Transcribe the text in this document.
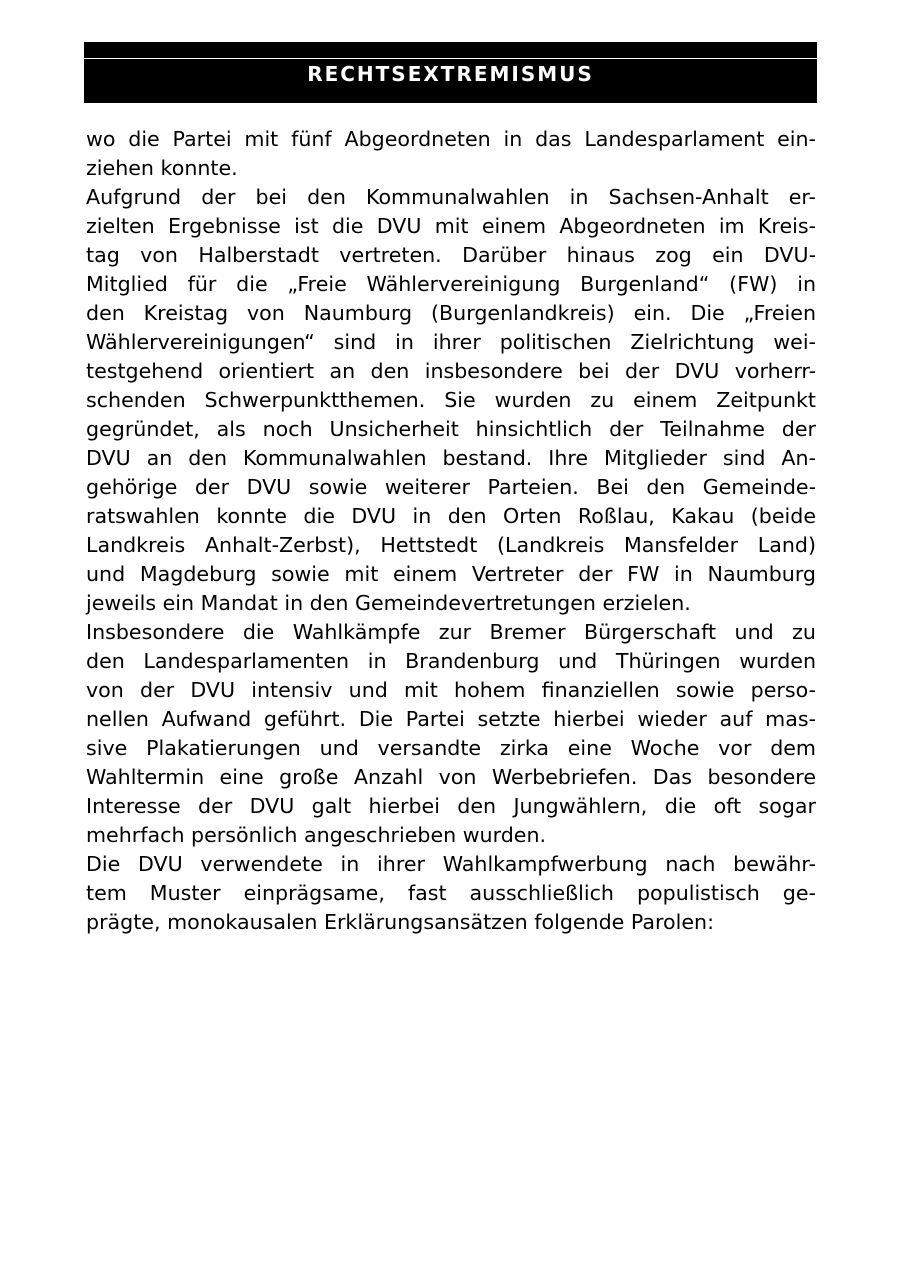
RECHTSEXTREMISMUS
wo die Partei mit fünf Abgeordneten in das Landesparlament ein-
ziehen konnte.
Aufgrund der bei den Kommunalwahlen in Sachsen-Anhalt er-
zielten Ergebnisse ist die DVU mit einem Abgeordneten im Kreis-
tag von Halberstadt vertreten. Darüber hinaus zog ein DVU-
Mitglied für die „Freie Wählervereinigung Burgenland“ (FW) in
den Kreistag von Naumburg (Burgenlandkreis) ein. Die „Freien
Wählervereinigungen“ sind in ihrer politischen Zielrichtung wei-
testgehend orientiert an den insbesondere bei der DVU vorherr-
schenden Schwerpunktthemen. Sie wurden zu einem Zeitpunkt
gegründet, als noch Unsicherheit hinsichtlich der Teilnahme der
DVU an den Kommunalwahlen bestand. Ihre Mitglieder sind An-
gehörige der DVU sowie weiterer Parteien. Bei den Gemeinde-
ratswahlen konnte die DVU in den Orten Roßlau, Kakau (beide
Landkreis Anhalt-Zerbst), Hettstedt (Landkreis Mansfelder Land)
und Magdeburg sowie mit einem Vertreter der FW in Naumburg
jeweils ein Mandat in den Gemeindevertretungen erzielen.
Insbesondere die Wahlkämpfe zur Bremer Bürgerschaft und zu
den Landesparlamenten in Brandenburg und Thüringen wurden
von der DVU intensiv und mit hohem finanziellen sowie perso-
nellen Aufwand geführt. Die Partei setzte hierbei wieder auf mas-
sive Plakatierungen und versandte zirka eine Woche vor dem
Wahltermin eine große Anzahl von Werbebriefen. Das besondere
Interesse der DVU galt hierbei den Jungwählern, die oft sogar
mehrfach persönlich angeschrieben wurden.
Die DVU verwendete in ihrer Wahlkampfwerbung nach bewähr-
tem Muster einprägsame, fast ausschließlich populistisch ge-
prägte, monokausalen Erklärungsansätzen folgende Parolen:
